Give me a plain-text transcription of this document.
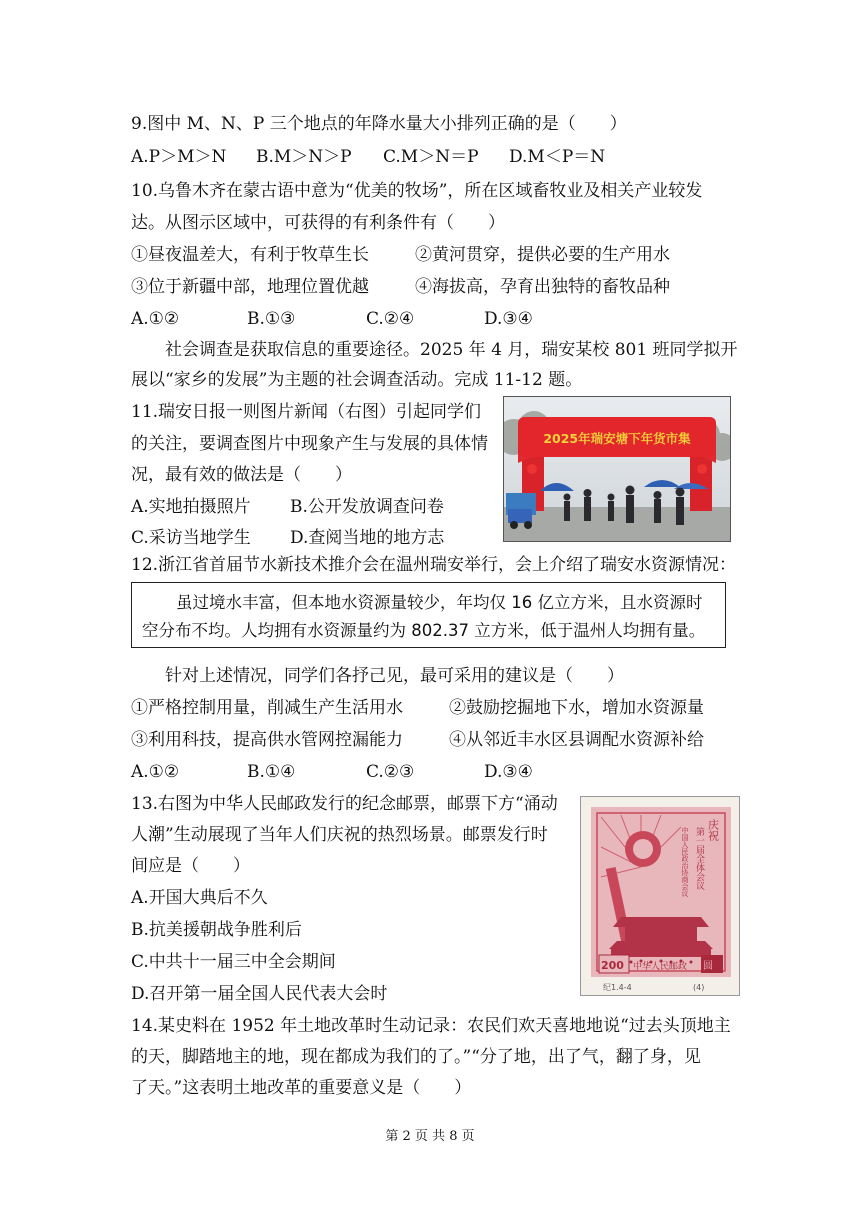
9.图中 M、N、P 三个地点的年降水量大小排列正确的是（　　）
A.P＞M＞N B.M＞N＞P C.M＞N＝P D.M＜P＝N
10.乌鲁木齐在蒙古语中意为“优美的牧场”，所在区域畜牧业及相关产业较发
达。从图示区域中，可获得的有利条件有（　　）
①昼夜温差大，有利于牧草生长	②黄河贯穿，提供必要的生产用水
③位于新疆中部，地理位置优越	④海拔高，孕育出独特的畜牧品种
A.①②	B.①③	C.②④	D.③④
社会调查是获取信息的重要途径。2025 年 4 月，瑞安某校 801 班同学拟开
展以“家乡的发展”为主题的社会调查活动。完成 11-12 题。
11.瑞安日报一则图片新闻（右图）引起同学们
的关注，要调查图片中现象产生与发展的具体情
况，最有效的做法是（　　）
A.实地拍摄照片 B.公开发放调查问卷
C.采访当地学生 D.查阅当地的地方志
2025年瑞安塘下年货市集
12.浙江省首届节水新技术推介会在温州瑞安举行，会上介绍了瑞安水资源情况：
虽过境水丰富，但本地水资源量较少，年均仅 16 亿立方米，且水资源时
空分布不均。人均拥有水资源量约为 802.37 立方米，低于温州人均拥有量。
针对上述情况，同学们各抒己见，最可采用的建议是（　　）
①严格控制用量，削减生产生活用水	②鼓励挖掘地下水，增加水资源量
③利用科技，提高供水管网控漏能力	④从邻近丰水区县调配水资源补给
A.①②	B.①④	C.②③	D.③④
13.右图为中华人民邮政发行的纪念邮票，邮票下方“涌动
人潮”生动展现了当年人们庆祝的热烈场景。邮票发行时
间应是（　　）
A.开国大典后不久
B.抗美援朝战争胜利后
C.中共十一届三中全会期间
D.召开第一届全国人民代表大会时
中国人民政治协商会议 第一届全体会议 庆祝
200 中华人民邮政 圆
纪1.4-4	(4)
14.某史料在 1952 年土地改革时生动记录：农民们欢天喜地地说“过去头顶地主
的天，脚踏地主的地，现在都成为我们的了。”“分了地，出了气，翻了身，见
了天。”这表明土地改革的重要意义是（　　）
第 2 页 共 8 页
